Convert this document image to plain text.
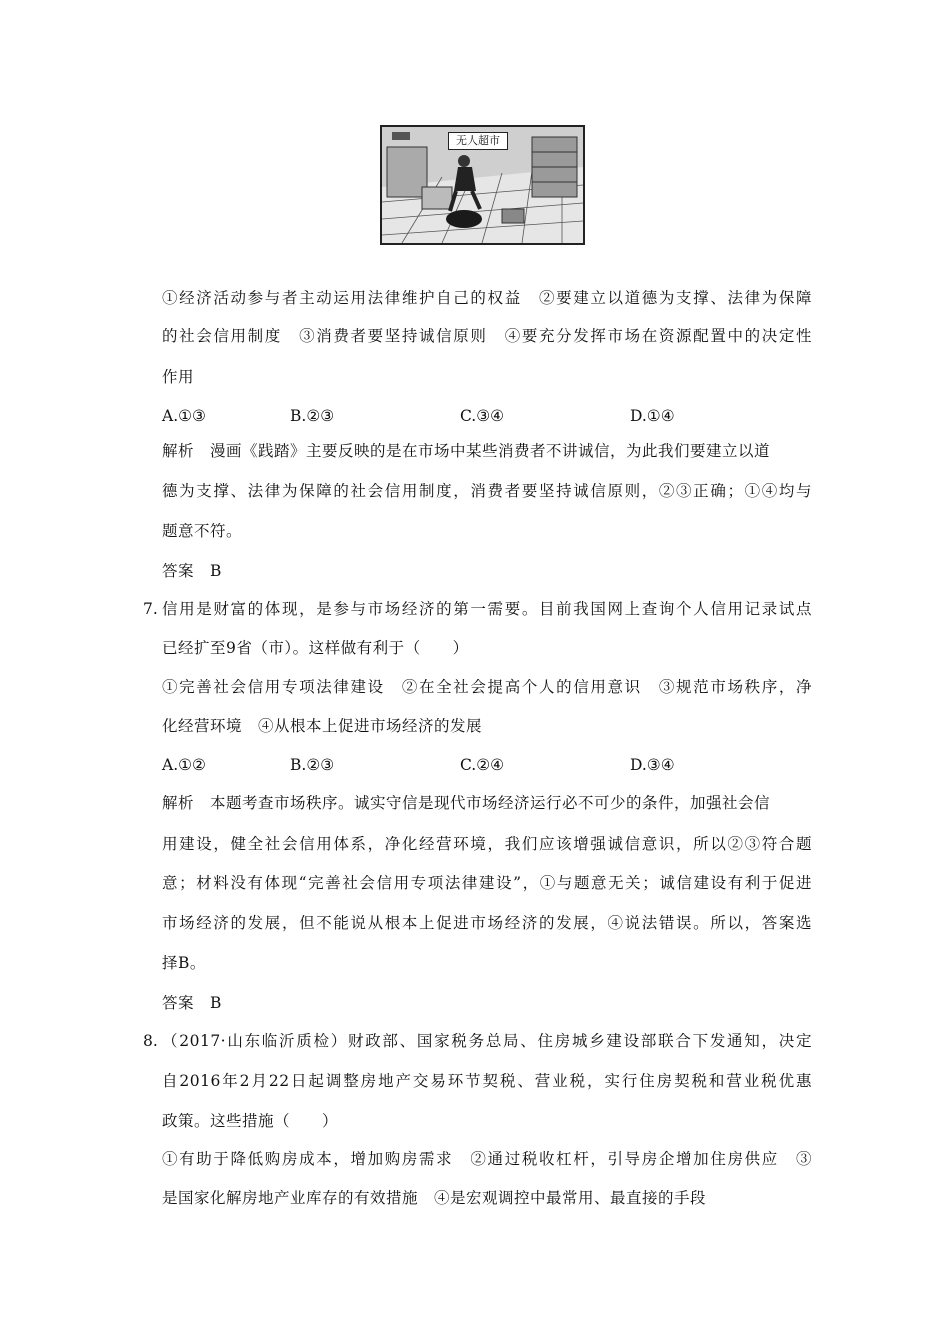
无人超市
①经济活动参与者主动运用法律维护自己的权益　②要建立以道德为支撑、法律为保障
的社会信用制度　③消费者要坚持诚信原则　④要充分发挥市场在资源配置中的决定性
作用
A.①③	B.②③	C.③④	D.①④
解析 漫画《践踏》主要反映的是在市场中某些消费者不讲诚信，为此我们要建立以道
德为支撑、法律为保障的社会信用制度，消费者要坚持诚信原则，②③正确；①④均与
题意不符。
答案 B
7. 信用是财富的体现，是参与市场经济的第一需要。目前我国网上查询个人信用记录试点
已经扩至9省（市）。这样做有利于（　　）
①完善社会信用专项法律建设　②在全社会提高个人的信用意识　③规范市场秩序，净
化经营环境　④从根本上促进市场经济的发展
A.①②	B.②③	C.②④	D.③④
解析 本题考查市场秩序。诚实守信是现代市场经济运行必不可少的条件，加强社会信
用建设，健全社会信用体系，净化经营环境，我们应该增强诚信意识，所以②③符合题
意；材料没有体现“完善社会信用专项法律建设”，①与题意无关；诚信建设有利于促进
市场经济的发展，但不能说从根本上促进市场经济的发展，④说法错误。所以，答案选
择B。
答案 B
8. （2017·山东临沂质检）财政部、国家税务总局、住房城乡建设部联合下发通知，决定
自2016年2月22日起调整房地产交易环节契税、营业税，实行住房契税和营业税优惠
政策。这些措施（　　）
①有助于降低购房成本，增加购房需求　②通过税收杠杆，引导房企增加住房供应　③
是国家化解房地产业库存的有效措施　④是宏观调控中最常用、最直接的手段
